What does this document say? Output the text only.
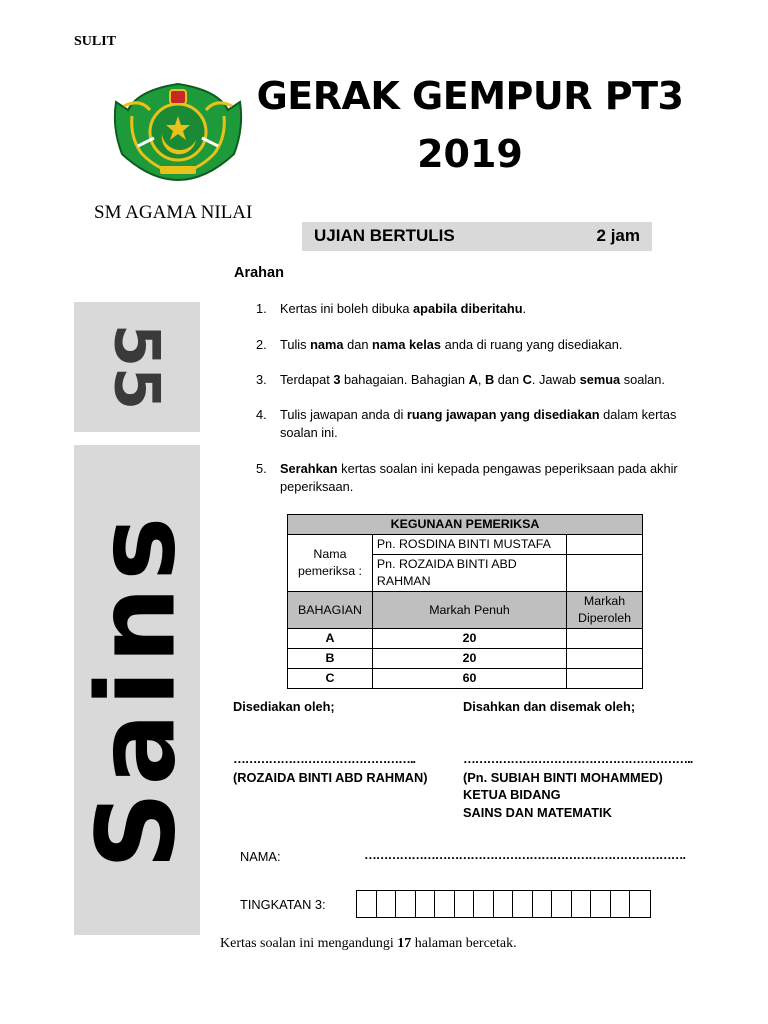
SULIT
GERAK GEMPUR PT3
2019
SM AGAMA NILAI
UJIAN BERTULIS	2 jam
55
Sains
Arahan
1. Kertas ini boleh dibuka apabila diberitahu.
2. Tulis nama dan nama kelas anda di ruang yang disediakan.
3. Terdapat 3 bahagaian. Bahagian A, B dan C. Jawab semua soalan.
4. Tulis jawapan anda di ruang jawapan yang disediakan dalam kertas soalan ini.
5. Serahkan kertas soalan ini kepada pengawas peperiksaan pada akhir peperiksaan.
KEGUNAAN PEMERIKSA		
Nama pemeriksa :	Pn. ROSDINA BINTI MUSTAFA	
	Pn. ROZAIDA BINTI ABD RAHMAN	
BAHAGIAN	Markah Penuh	Markah Diperoleh
A	20	
B	20	
C	60	
Disediakan oleh;	Disahkan dan disemak oleh;
………………………………………..	…………………………………………………..
(ROZAIDA BINTI ABD RAHMAN)	(Pn. SUBIAH BINTI MOHAMMED)
KETUA BIDANG
SAINS DAN MATEMATIK
NAMA:	……………………………………………………………………….
TINGKATAN 3:
Kertas soalan ini mengandungi 17 halaman bercetak.
